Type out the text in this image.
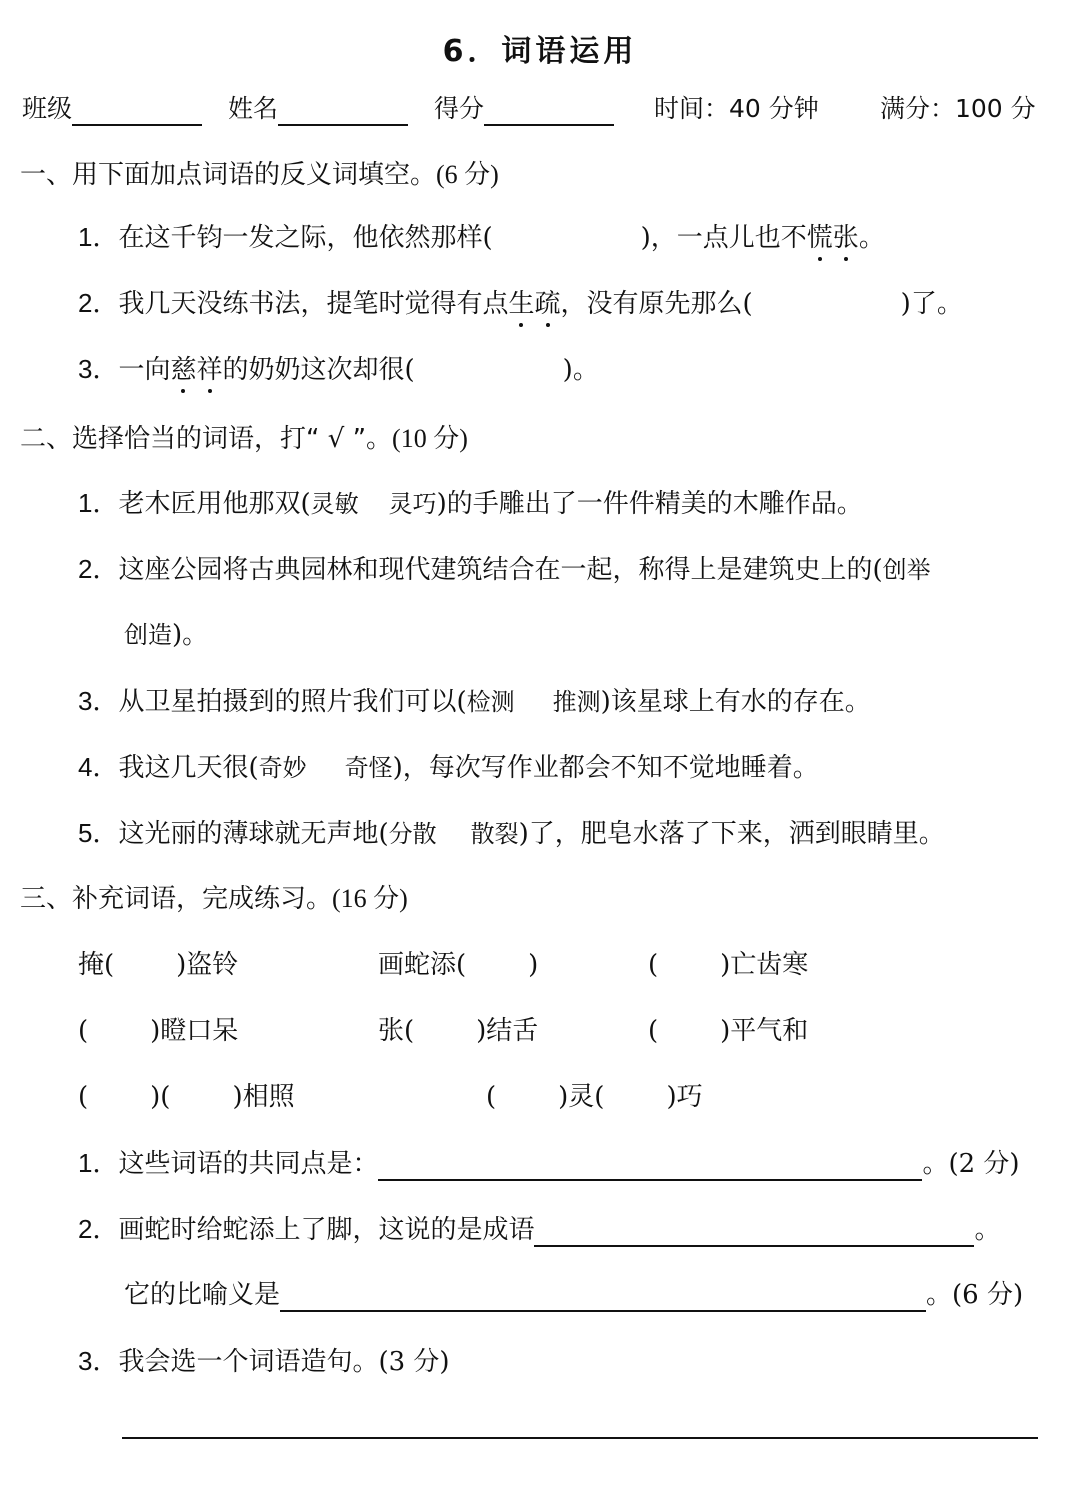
6．词语运用
班级	姓名	得分	时间：40 分钟 满分：100 分
一、用下面加点词语的反义词填空。(6 分)
1．在这千钧一发之际，他依然那样(	)，一点儿也不慌张。
2．我几天没练书法，提笔时觉得有点生疏，没有原先那么(	)了。
3．一向慈祥的奶奶这次却很(	)。
二、选择恰当的词语，打“ √ ”。(10 分)
1．老木匠用他那双(灵敏 灵巧)的手雕出了一件件精美的木雕作品。
2．这座公园将古典园林和现代建筑结合在一起，称得上是建筑史上的(创举
创造)。
3．从卫星拍摄到的照片我们可以(检测 推测)该星球上有水的存在。
4．我这几天很(奇妙 奇怪)，每次写作业都会不知不觉地睡着。
5．这光丽的薄球就无声地(分散 散裂)了，肥皂水落了下来，洒到眼睛里。
三、补充词语，完成练习。(16 分)
掩( )盗铃	画蛇添( )	( )亡齿寒
( )瞪口呆	张( )结舌	( )平气和
( )( )相照	( )灵( )巧
1．这些词语的共同点是：	。(2 分)
2．画蛇时给蛇添上了脚，这说的是成语	。
它的比喻义是	。(6 分)
3．我会选一个词语造句。(3 分)
